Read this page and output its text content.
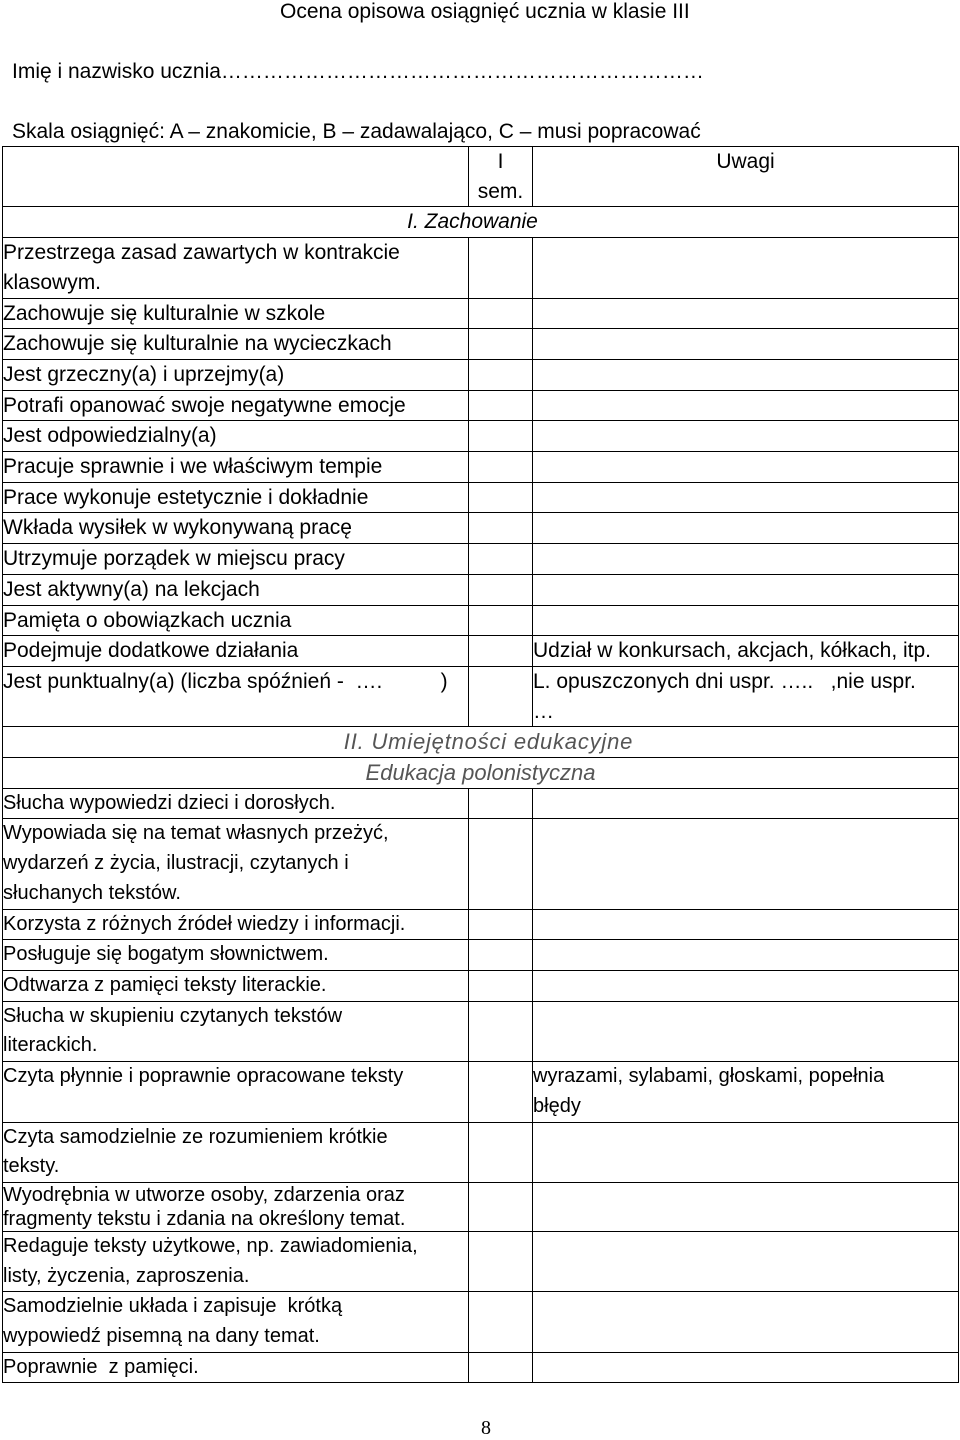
Ocena opisowa osiągnięć ucznia w klasie III
Imię i nazwisko ucznia……………………………………………………………
Skala osiągnięć: A – znakomicie, B – zadawalająco, C – musi popracować
	I sem.	Uwagi
I. Zachowanie		
Przestrzega zasad zawartych w kontrakcie
klasowym.		
Zachowuje się kulturalnie w szkole		
Zachowuje się kulturalnie na wycieczkach		
Jest grzeczny(a) i uprzejmy(a)		
Potrafi opanować swoje negatywne emocje		
Jest odpowiedzialny(a)		
Pracuje sprawnie i we właściwym tempie		
Prace wykonuje estetycznie i dokładnie		
Wkłada wysiłek w wykonywaną pracę		
Utrzymuje porządek w miejscu pracy		
Jest aktywny(a) na lekcjach		
Pamięta o obowiązkach ucznia		
Podejmuje dodatkowe działania		Udział w konkursach, akcjach, kółkach, itp.
Jest punktualny(a) (liczba spóźnień -  ….          )		L. opuszczonych dni uspr. …..   ,nie uspr.
…
II. Umiejętności edukacyjne		
Edukacja polonistyczna		
Słucha wypowiedzi dzieci i dorosłych.		
Wypowiada się na temat własnych przeżyć,
wydarzeń z życia, ilustracji, czytanych i
słuchanych tekstów.		
Korzysta z różnych źródeł wiedzy i informacji.		
Posługuje się bogatym słownictwem.		
Odtwarza z pamięci teksty literackie.		
Słucha w skupieniu czytanych tekstów
literackich.		
Czyta płynnie i poprawnie opracowane teksty		wyrazami, sylabami, głoskami, popełnia
błędy
Czyta samodzielnie ze rozumieniem krótkie
teksty.		
Wyodrębnia w utworze osoby, zdarzenia oraz
fragmenty tekstu i zdania na określony temat.		
Redaguje teksty użytkowe, np. zawiadomienia,
listy, życzenia, zaproszenia.		
Samodzielnie układa i zapisuje  krótką
wypowiedź pisemną na dany temat.		
Poprawnie  z pamięci.		
8
